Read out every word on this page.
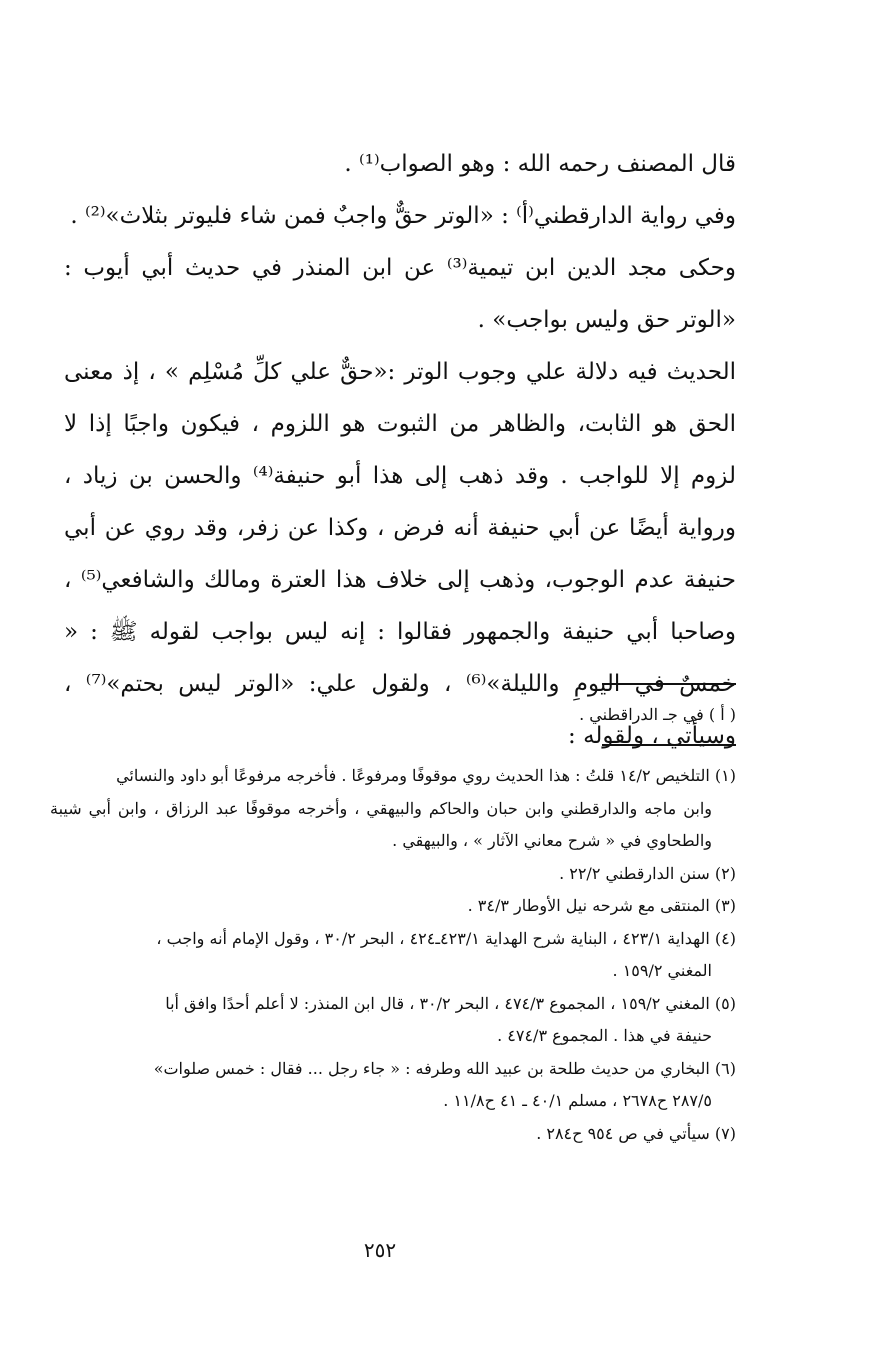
قال المصنف رحمه الله : وهو الصواب⁽¹⁾ .

وفي رواية الدارقطني⁽أ⁾ : «الوتر حقٌّ واجبٌ فمن شاء فليوتر بثلاث»⁽²⁾ .

وحكى مجد الدين ابن تيمية⁽³⁾ عن ابن المنذر في حديث أبي أيوب : «الوتر حق وليس بواجب» .

الحديث فيه دلالة علي وجوب الوتر :«حقٌّ علي كلِّ مُسْلِم » ، إذ معنى الحق هو الثابت، والظاهر من الثبوت هو اللزوم ، فيكون واجبًا إذا لا لزوم إلا للواجب . وقد ذهب إلى هذا أبو حنيفة⁽⁴⁾ والحسن بن زياد ، ورواية أيضًا عن أبي حنيفة أنه فرض ، وكذا عن زفر، وقد روي عن أبي حنيفة عدم الوجوب، وذهب إلى خلاف هذا العترة ومالك والشافعي⁽⁵⁾ ، وصاحبا أبي حنيفة والجمهور فقالوا : إنه ليس بواجب لقوله ﷺ : « خمسٌ في اليومِ والليلة»⁽⁶⁾ ، ولقول علي: «الوتر ليس بحتم»⁽⁷⁾ ، وسيأتي ، ولقوله :

( أ ) في جـ الدراقطني .

(١) التلخيص ١٤/٢ قلتُ : هذا الحديث روي موقوفًا ومرفوعًا . فأخرجه مرفوعًا أبو داود والنسائي

وابن ماجه والدارقطني وابن حبان والحاكم والبيهقي ، وأخرجه موقوفًا عبد الرزاق ، وابن أبي شيبة والطحاوي في « شرح معاني الآثار » ، والبيهقي .

(٢) سنن الدارقطني ٢٢/٢ .

(٣) المنتقى مع شرحه نيل الأوطار ٣٤/٣ .

(٤) الهداية ٤٢٣/١ ، البناية شرح الهداية ٤٢٣/١ـ٤٢٤ ، البحر ٣٠/٢ ، وقول الإمام أنه واجب ،

المغني ١٥٩/٢ .

(٥) المغني ١٥٩/٢ ، المجموع ٤٧٤/٣ ، البحر ٣٠/٢ ، قال ابن المنذر: لا أعلم أحدًا وافق أبا

حنيفة في هذا . المجموع ٤٧٤/٣ .

(٦) البخاري من حديث طلحة بن عبيد الله وطرفه : « جاء رجل ... فقال : خمس صلوات»

٢٨٧/٥ ح٢٦٧٨ ، مسلم ٤٠/١ ـ ٤١ ح١١/٨ .

(٧) سيأتي في ص ٩٥٤ ح٢٨٤ .

٢٥٢
